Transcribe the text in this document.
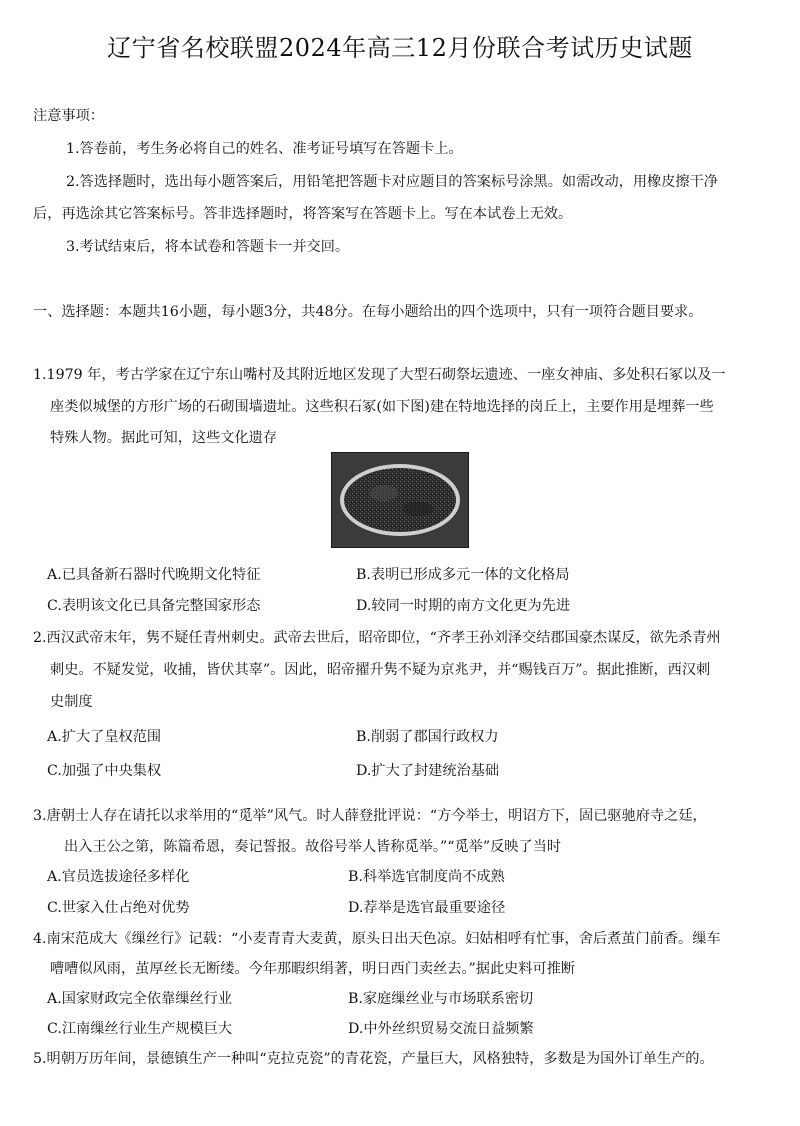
辽宁省名校联盟2024年高三12月份联合考试历史试题
注意事项：
1.答卷前，考生务必将自己的姓名、准考证号填写在答题卡上。
2.答选择题时，选出每小题答案后，用铅笔把答题卡对应题目的答案标号涂黑。如需改动，用橡皮擦干净
后，再选涂其它答案标号。答非选择题时，将答案写在答题卡上。写在本试卷上无效。
3.考试结束后，将本试卷和答题卡一并交回。
一、选择题：本题共16小题，每小题3分，共48分。在每小题给出的四个选项中，只有一项符合题目要求。
1.1979 年，考古学家在辽宁东山嘴村及其附近地区发现了大型石砌祭坛遗迹、一座女神庙、多处积石冢以及一
座类似城堡的方形广场的石砌围墙遗址。这些积石冢(如下图)建在特地选择的岗丘上，主要作用是埋葬一些
特殊人物。据此可知，这些文化遗存
A.已具备新石器时代晚期文化特征	B.表明已形成多元一体的文化格局
C.表明该文化已具备完整国家形态	D.较同一时期的南方文化更为先进
2.西汉武帝末年，隽不疑任青州刺史。武帝去世后，昭帝即位，“齐孝王孙刘泽交结郡国豪杰谋反，欲先杀青州
刺史。不疑发觉，收捕，皆伏其辜”。因此，昭帝擢升隽不疑为京兆尹，并“赐钱百万”。据此推断，西汉刺
史制度
A.扩大了皇权范围	B.削弱了郡国行政权力
C.加强了中央集权	D.扩大了封建统治基础
3.唐朝士人存在请托以求举用的“觅举”风气。时人薛登批评说：“方今举士，明诏方下，固已驱驰府寺之廷，
出入王公之第，陈篇希恩，奏记誓报。故俗号举人皆称觅举。”“觅举”反映了当时
A.官员选拔途径多样化	B.科举选官制度尚不成熟
C.世家入仕占绝对优势	D.荐举是选官最重要途径
4.南宋范成大《缫丝行》记载：“小麦青青大麦黄，原头日出天色凉。妇姑相呼有忙事，舍后煮茧门前香。缫车
嘈嘈似风雨，茧厚丝长无断缕。今年那暇织绢著，明日西门卖丝去。”据此史料可推断
A.国家财政完全依靠缫丝行业	B.家庭缫丝业与市场联系密切
C.江南缫丝行业生产规模巨大	D.中外丝织贸易交流日益频繁
5.明朝万历年间，景德镇生产一种叫“克拉克瓷”的青花瓷，产量巨大，风格独特，多数是为国外订单生产的。
